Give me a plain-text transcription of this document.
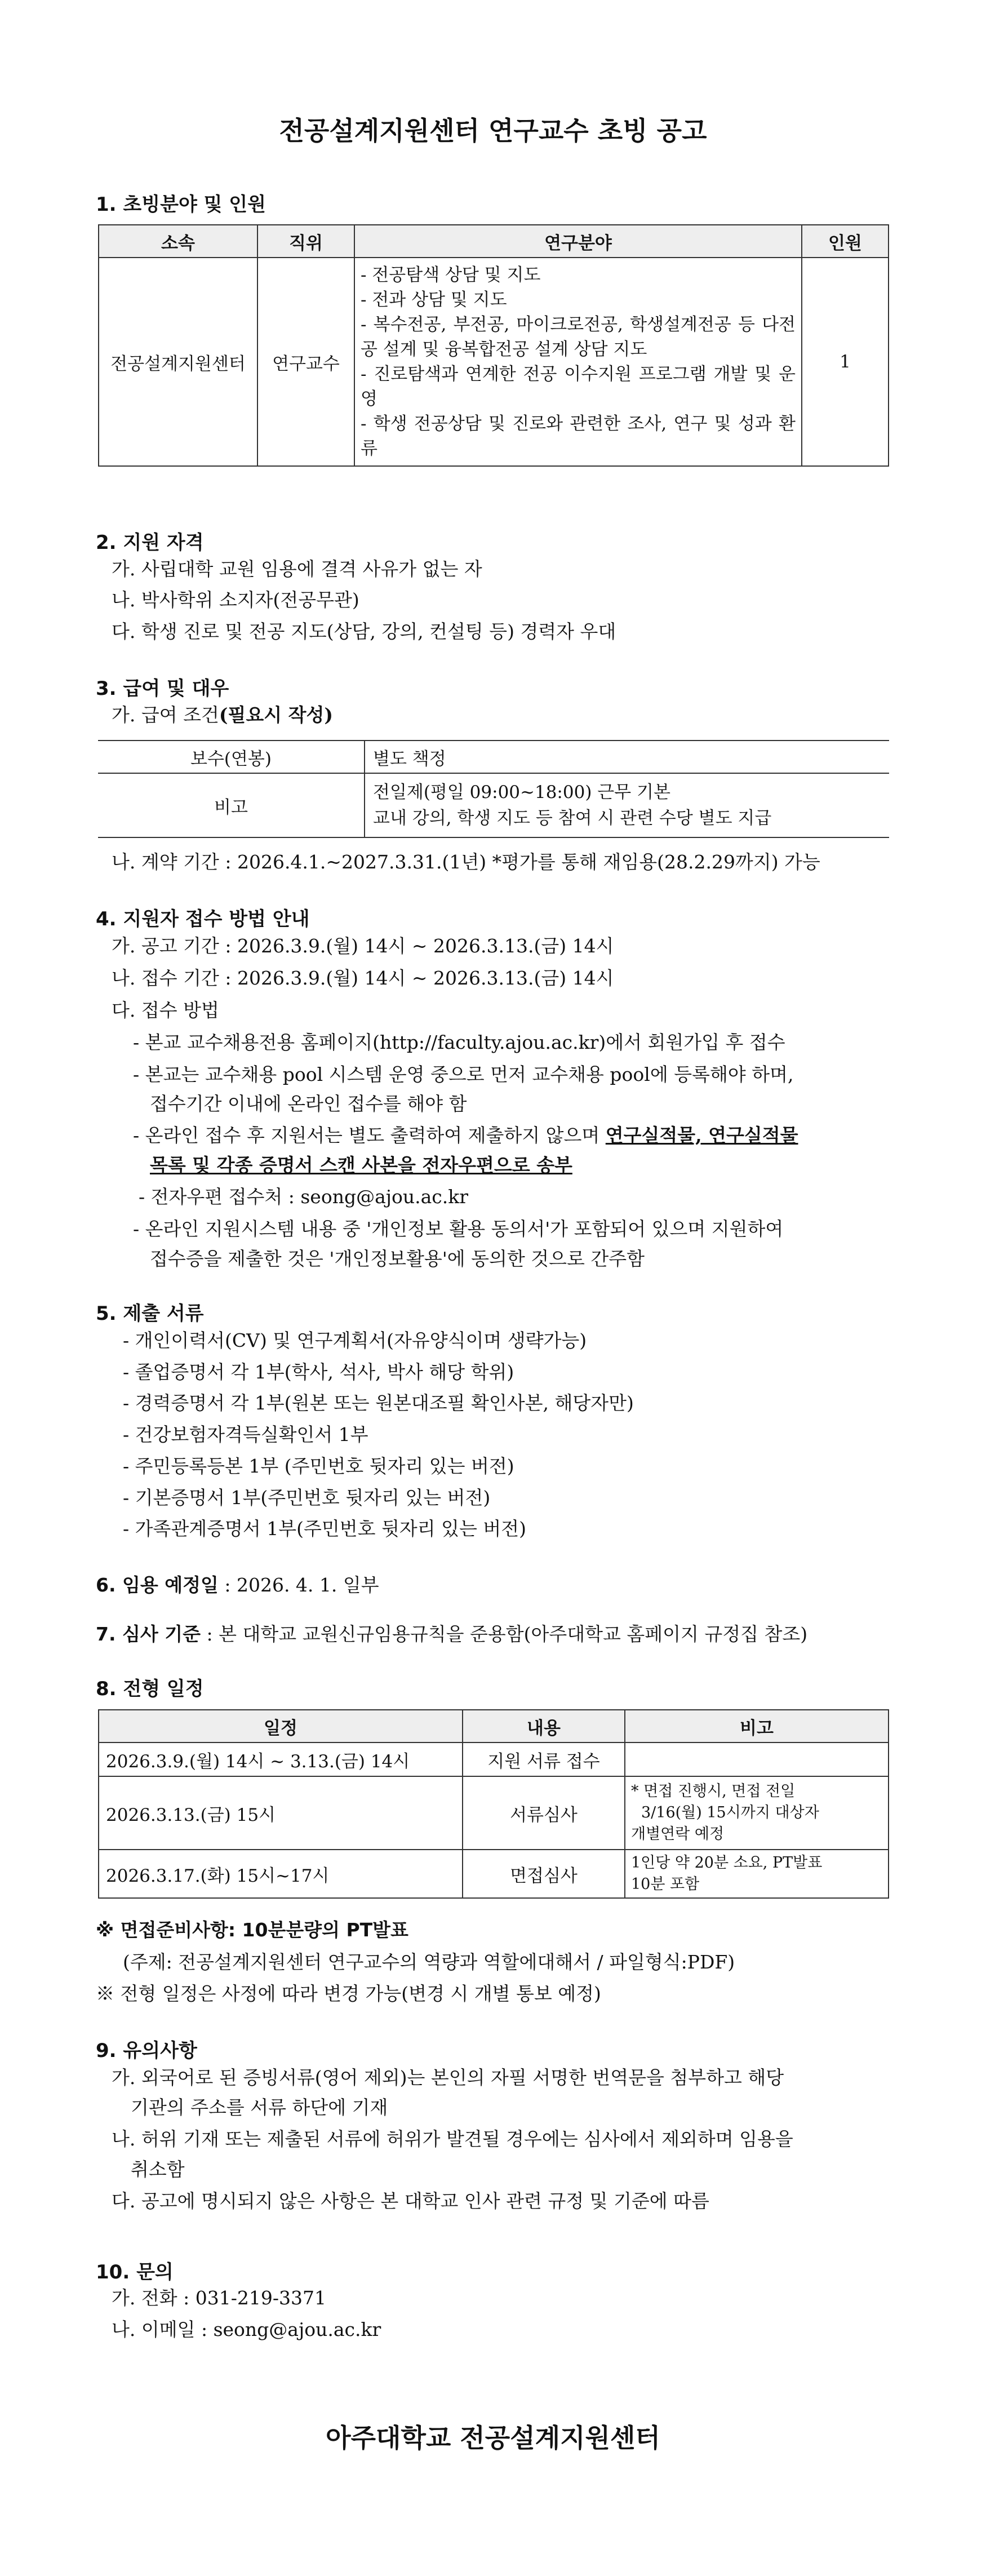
전공설계지원센터 연구교수 초빙 공고
1. 초빙분야 및 인원
소속	직위	연구분야	인원
전공설계지원센터	연구교수	- 전공탐색 상담 및 지도
- 전과 상담 및 지도
- 복수전공, 부전공, 마이크로전공, 학생설계전공 등 다전공 설계 및 융복합전공 설계 상담 지도
- 진로탐색과 연계한 전공 이수지원 프로그램 개발 및 운영
- 학생 전공상담 및 진로와 관련한 조사, 연구 및 성과 환류	1
2. 지원 자격
가. 사립대학 교원 임용에 결격 사유가 없는 자
나. 박사학위 소지자(전공무관)
다. 학생 진로 및 전공 지도(상담, 강의, 컨설팅 등) 경력자 우대
3. 급여 및 대우
가. 급여 조건(필요시 작성)
보수(연봉)	별도 책정
비고	전일제(평일 09:00~18:00) 근무 기본
교내 강의, 학생 지도 등 참여 시 관련 수당 별도 지급
나. 계약 기간 : 2026.4.1.~2027.3.31.(1년) *평가를 통해 재임용(28.2.29까지) 가능
4. 지원자 접수 방법 안내
가. 공고 기간 : 2026.3.9.(월) 14시 ~ 2026.3.13.(금) 14시
나. 접수 기간 : 2026.3.9.(월) 14시 ~ 2026.3.13.(금) 14시
다. 접수 방법
- 본교 교수채용전용 홈페이지(http://faculty.ajou.ac.kr)에서 회원가입 후 접수
- 본교는 교수채용 pool 시스템 운영 중으로 먼저 교수채용 pool에 등록해야 하며,
접수기간 이내에 온라인 접수를 해야 함
- 온라인 접수 후 지원서는 별도 출력하여 제출하지 않으며 연구실적물, 연구실적물
목록 및 각종 증명서 스캔 사본을 전자우편으로 송부
- 전자우편 접수처 : seong@ajou.ac.kr
- 온라인 지원시스템 내용 중 '개인정보 활용 동의서'가 포함되어 있으며 지원하여
접수증을 제출한 것은 '개인정보활용'에 동의한 것으로 간주함
5. 제출 서류
- 개인이력서(CV) 및 연구계획서(자유양식이며 생략가능)
- 졸업증명서 각 1부(학사, 석사, 박사 해당 학위)
- 경력증명서 각 1부(원본 또는 원본대조필 확인사본, 해당자만)
- 건강보험자격득실확인서 1부
- 주민등록등본 1부 (주민번호 뒷자리 있는 버전)
- 기본증명서 1부(주민번호 뒷자리 있는 버전)
- 가족관계증명서 1부(주민번호 뒷자리 있는 버전)
6. 임용 예정일 : 2026. 4. 1. 일부
7. 심사 기준 : 본 대학교 교원신규임용규칙을 준용함(아주대학교 홈페이지 규정집 참조)
8. 전형 일정
일정	내용	비고
2026.3.9.(월) 14시 ~ 3.13.(금) 14시	지원 서류 접수	
2026.3.13.(금) 15시	서류심사	* 면접 진행시, 면접 전일
3/16(월) 15시까지 대상자
개별연락 예정

2026.3.17.(화) 15시~17시	면접심사	1인당 약 20분 소요, PT발표
10분 포함
※ 면접준비사항: 10분분량의 PT발표
(주제: 전공설계지원센터 연구교수의 역량과 역할에대해서 / 파일형식:PDF)
※ 전형 일정은 사정에 따라 변경 가능(변경 시 개별 통보 예정)
9. 유의사항
가. 외국어로 된 증빙서류(영어 제외)는 본인의 자필 서명한 번역문을 첨부하고 해당
기관의 주소를 서류 하단에 기재
나. 허위 기재 또는 제출된 서류에 허위가 발견될 경우에는 심사에서 제외하며 임용을
취소함
다. 공고에 명시되지 않은 사항은 본 대학교 인사 관련 규정 및 기준에 따름
10. 문의
가. 전화 : 031-219-3371
나. 이메일 : seong@ajou.ac.kr
아주대학교 전공설계지원센터
